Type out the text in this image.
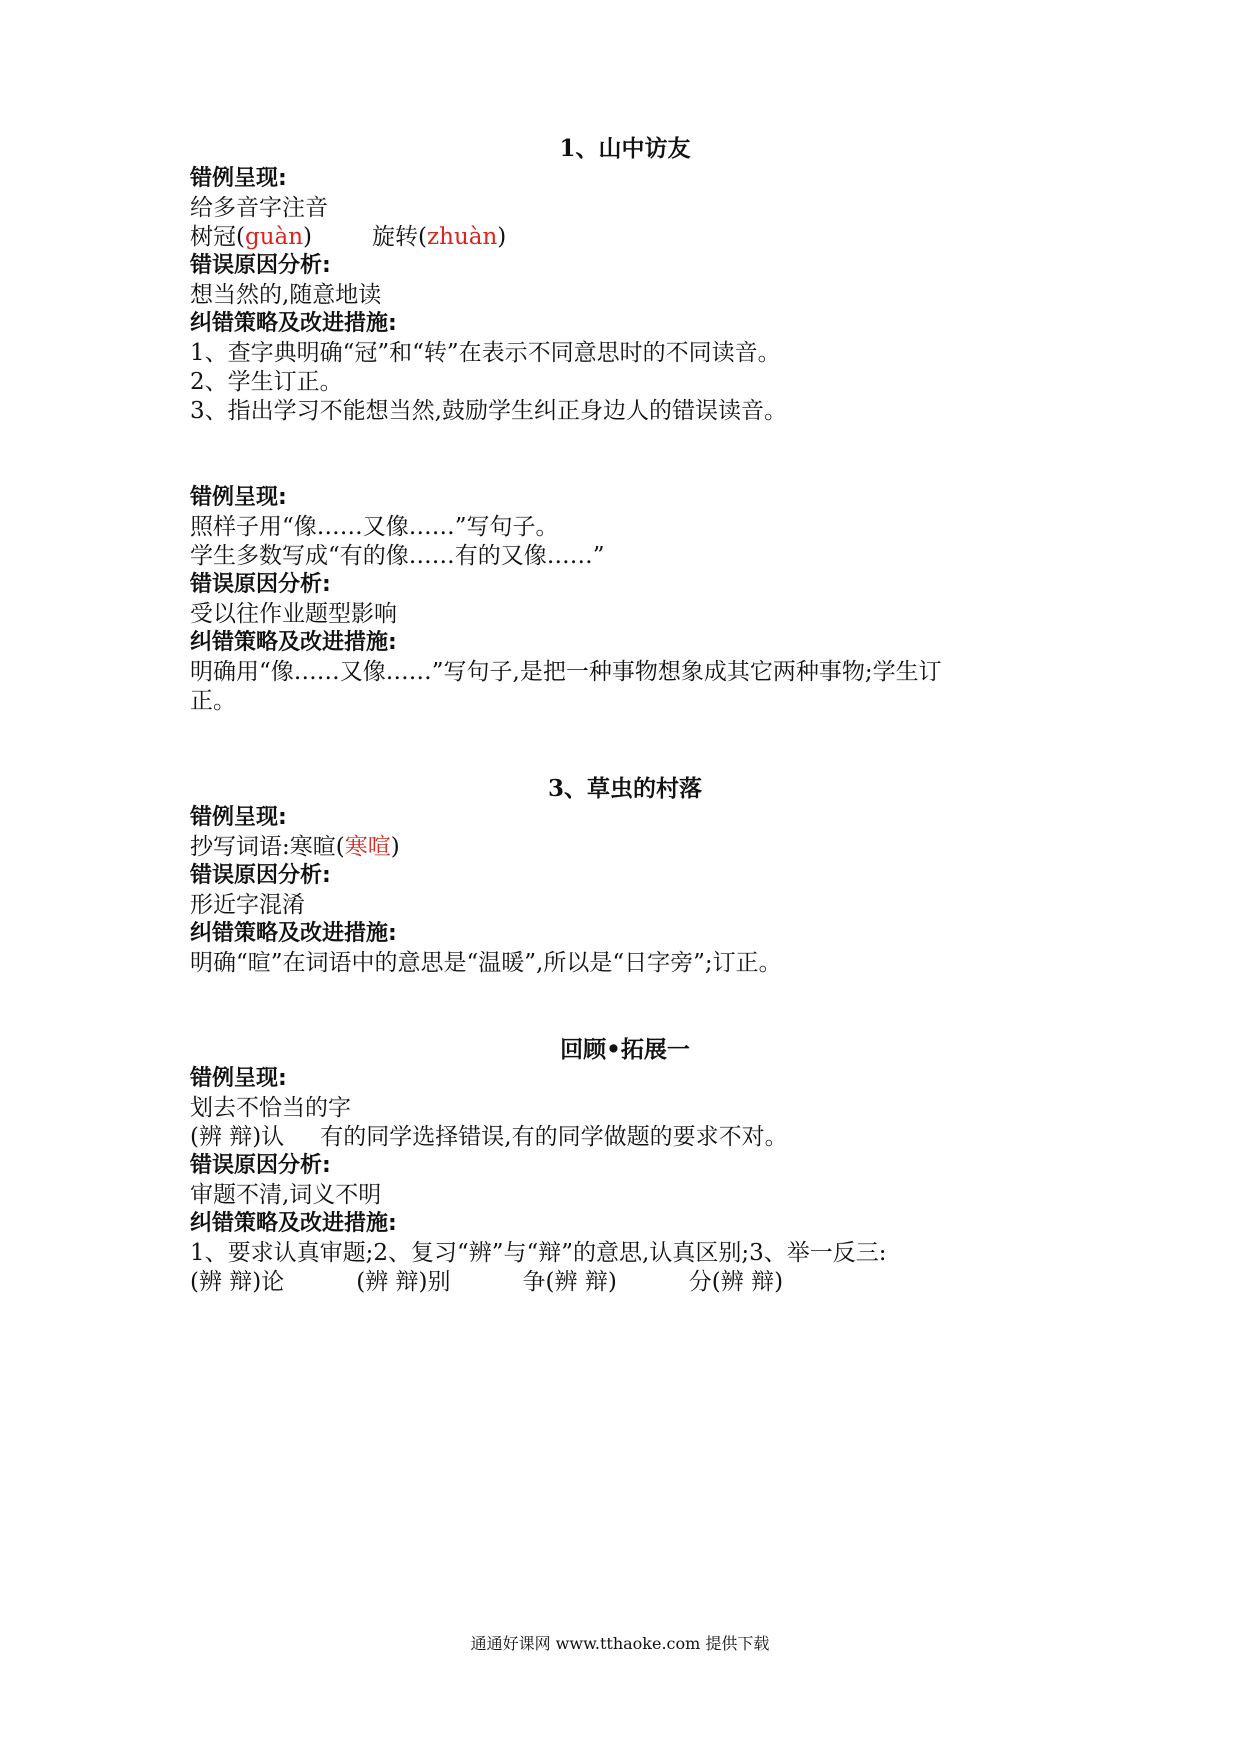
1、山中访友
错例呈现:
给多音字注音
树冠(guàn)	旋转(zhuàn)
错误原因分析:
想当然的,随意地读
纠错策略及改进措施:
1、查字典明确“冠”和“转”在表示不同意思时的不同读音。
2、学生订正。
3、指出学习不能想当然,鼓励学生纠正身边人的错误读音。
错例呈现:
照样子用“像……又像……”写句子。
学生多数写成“有的像……有的又像……”
错误原因分析:
受以往作业题型影响
纠错策略及改进措施:
明确用“像……又像……”写句子,是把一种事物想象成其它两种事物;学生订
正。
3、草虫的村落
错例呈现:
抄写词语:寒暄(寒喧)
错误原因分析:
形近字混淆
纠错策略及改进措施:
明确“暄”在词语中的意思是“温暖”,所以是“日字旁”;订正。
回顾•拓展一
错例呈现:
划去不恰当的字
(辨 辩)认 有的同学选择错误,有的同学做题的要求不对。
错误原因分析:
审题不清,词义不明
纠错策略及改进措施:
1、要求认真审题;2、复习“辨”与“辩”的意思,认真区别;3、举一反三:
(辨 辩)论	(辨 辩)别	争(辨 辩)	分(辨 辩)
通通好课网 www.tthaoke.com 提供下载
